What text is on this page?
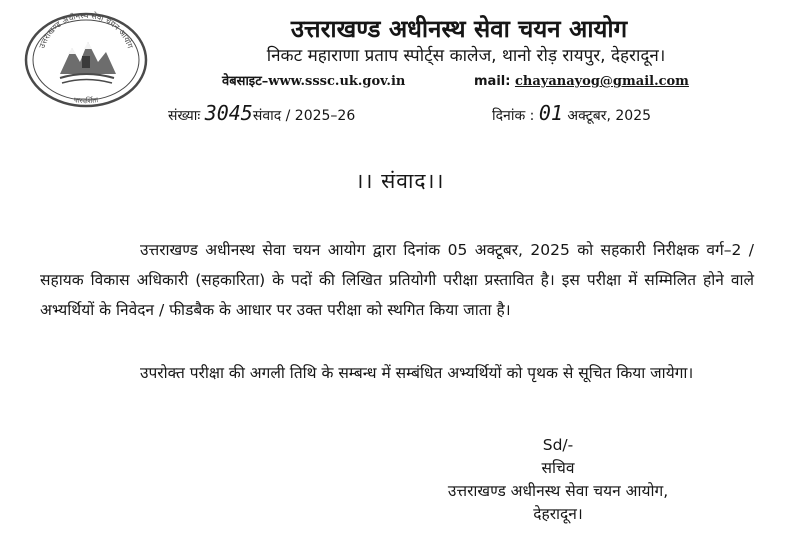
उत्तराखण्ड अधीनस्थ सेवा चयन आयोग
पारदर्शिता
उत्तराखण्ड अधीनस्थ सेवा चयन आयोग
निकट महाराणा प्रताप स्पोर्ट्स कालेज, थानो रोड़ रायपुर, देहरादून।
वेबसाइट–www.sssc.uk.gov.in	mail: chayanayog@gmail.com
संख्याः 3045संवाद / 2025–26	दिनांक : 01 अक्टूबर, 2025
।। संवाद।।

उत्तराखण्ड अधीनस्थ सेवा चयन आयोग द्वारा दिनांक 05 अक्टूबर, 2025 को सहकारी निरीक्षक वर्ग–2 / सहायक विकास अधिकारी (सहकारिता) के पदों की लिखित प्रतियोगी परीक्षा प्रस्तावित है। इस परीक्षा में सम्मिलित होने वाले अभ्यर्थियों के निवेदन / फीडबैक के आधार पर उक्त परीक्षा को स्थगित किया जाता है।

उपरोक्त परीक्षा की अगली तिथि के सम्बन्ध में सम्बंधित अभ्यर्थियों को पृथक से सूचित किया जायेगा।

Sd/-
सचिव
उत्तराखण्ड अधीनस्थ सेवा चयन आयोग,
देहरादून।
